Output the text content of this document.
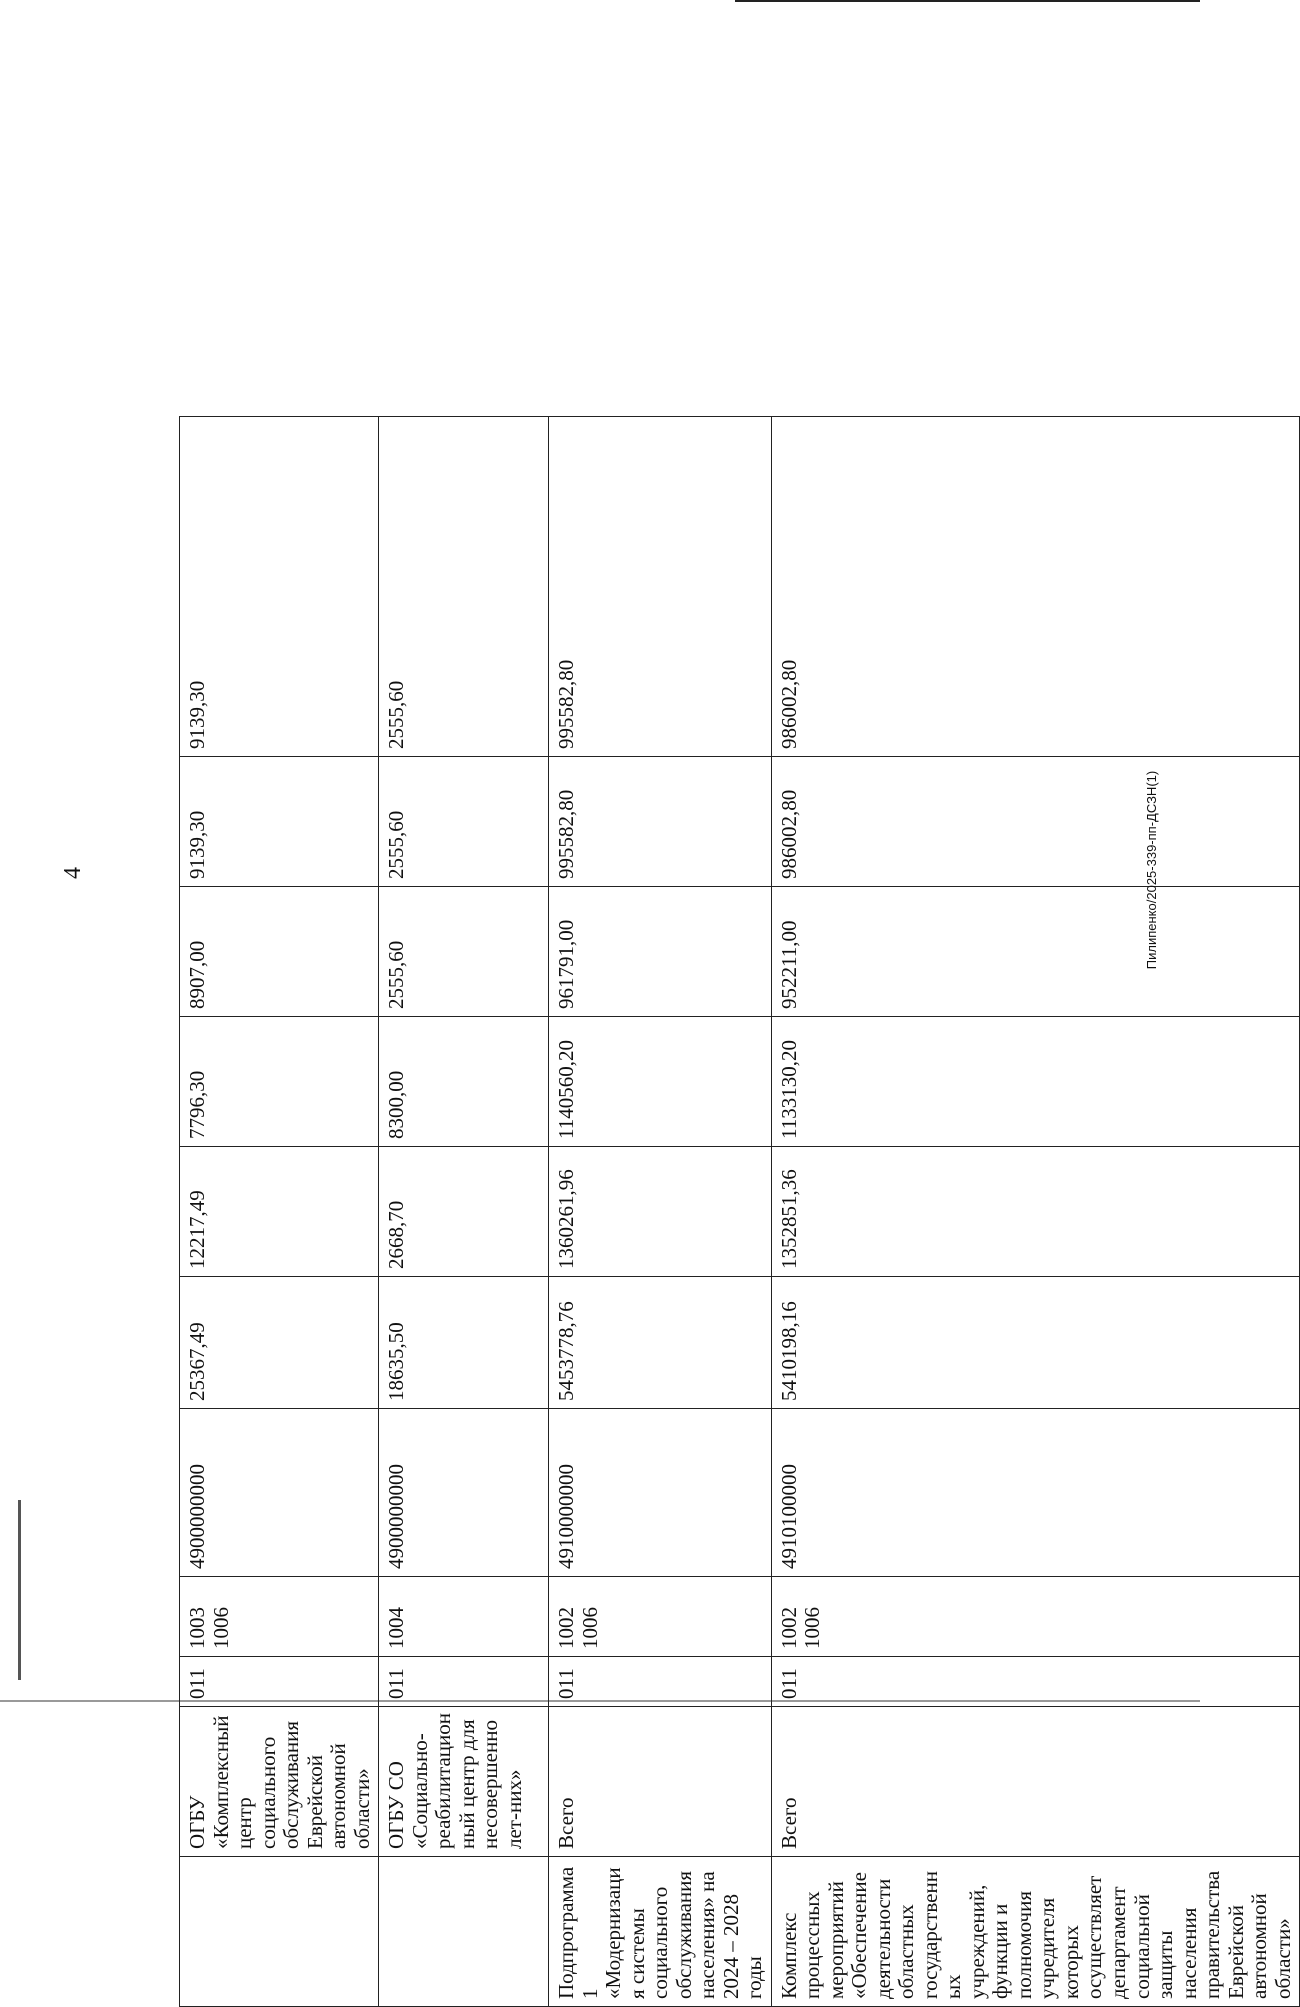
4
	ОГБУ «Комплексный центр социального обслуживания Еврейской автономной области»	011	1003 1006	4900000000	25367,49	12217,49	7796,30	8907,00	9139,30	9139,30
	ОГБУ СО «Социально-реабилитационный центр для несовершеннолет-них»	011	1004	4900000000	18635,50	2668,70	8300,00	2555,60	2555,60	2555,60
Подпрограмма 1 «Модернизация системы социального обслуживания населения» на 2024 – 2028 годы	Всего	011	1002 1006	4910000000	5453778,76	1360261,96	1140560,20	961791,00	995582,80	995582,80
Комплекс процессных мероприятий «Обеспечение деятельности областных государственных учреждений, функции и полномочия учредителя которых осуществляет департамент социальной защиты населения правительства Еврейской автономной области»	Всего	011	1002 1006	4910100000	5410198,16	1352851,36	1133130,20	952211,00	986002,80	986002,80
Пилипенко/2025-339-пп-ДСЗН(1)
